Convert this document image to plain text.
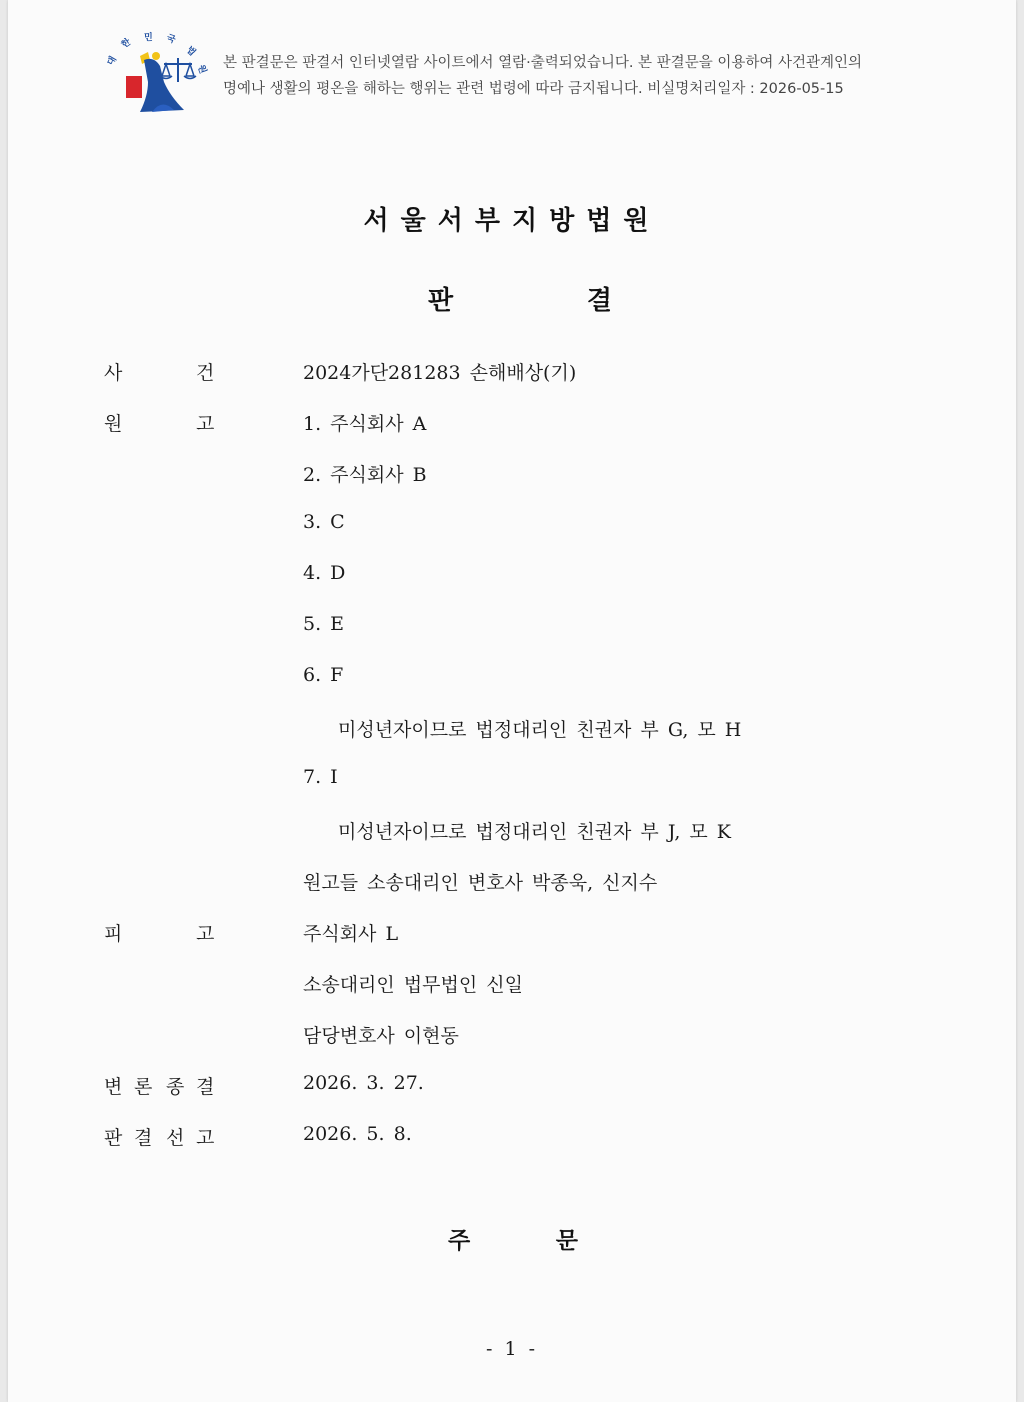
대
한 민 국
법
원 본 판결문은 판결서 인터넷열람 사이트에서 열람·출력되었습니다. 본 판결문을 이용하여 사건관계인의
명예나 생활의 평온을 해하는 행위는 관련 법령에 따라 금지됩니다. 비실명처리일자 : 2026-05-15
서울서부지방법원
판	결
사	건	2024가단281283 손해배상(기)
원	고	1. 주식회사 A
2. 주식회사 B
3. C
4. D
5. E
6. F
미성년자이므로 법정대리인 친권자 부 G, 모 H
7. I
미성년자이므로 법정대리인 친권자 부 J, 모 K
원고들 소송대리인 변호사 박종욱, 신지수
피	고	주식회사 L
소송대리인 법무법인 신일
담당변호사 이현동
변 론 종 결	2026. 3. 27.
판 결 선 고	2026. 5. 8.
주	문
- 1 -
